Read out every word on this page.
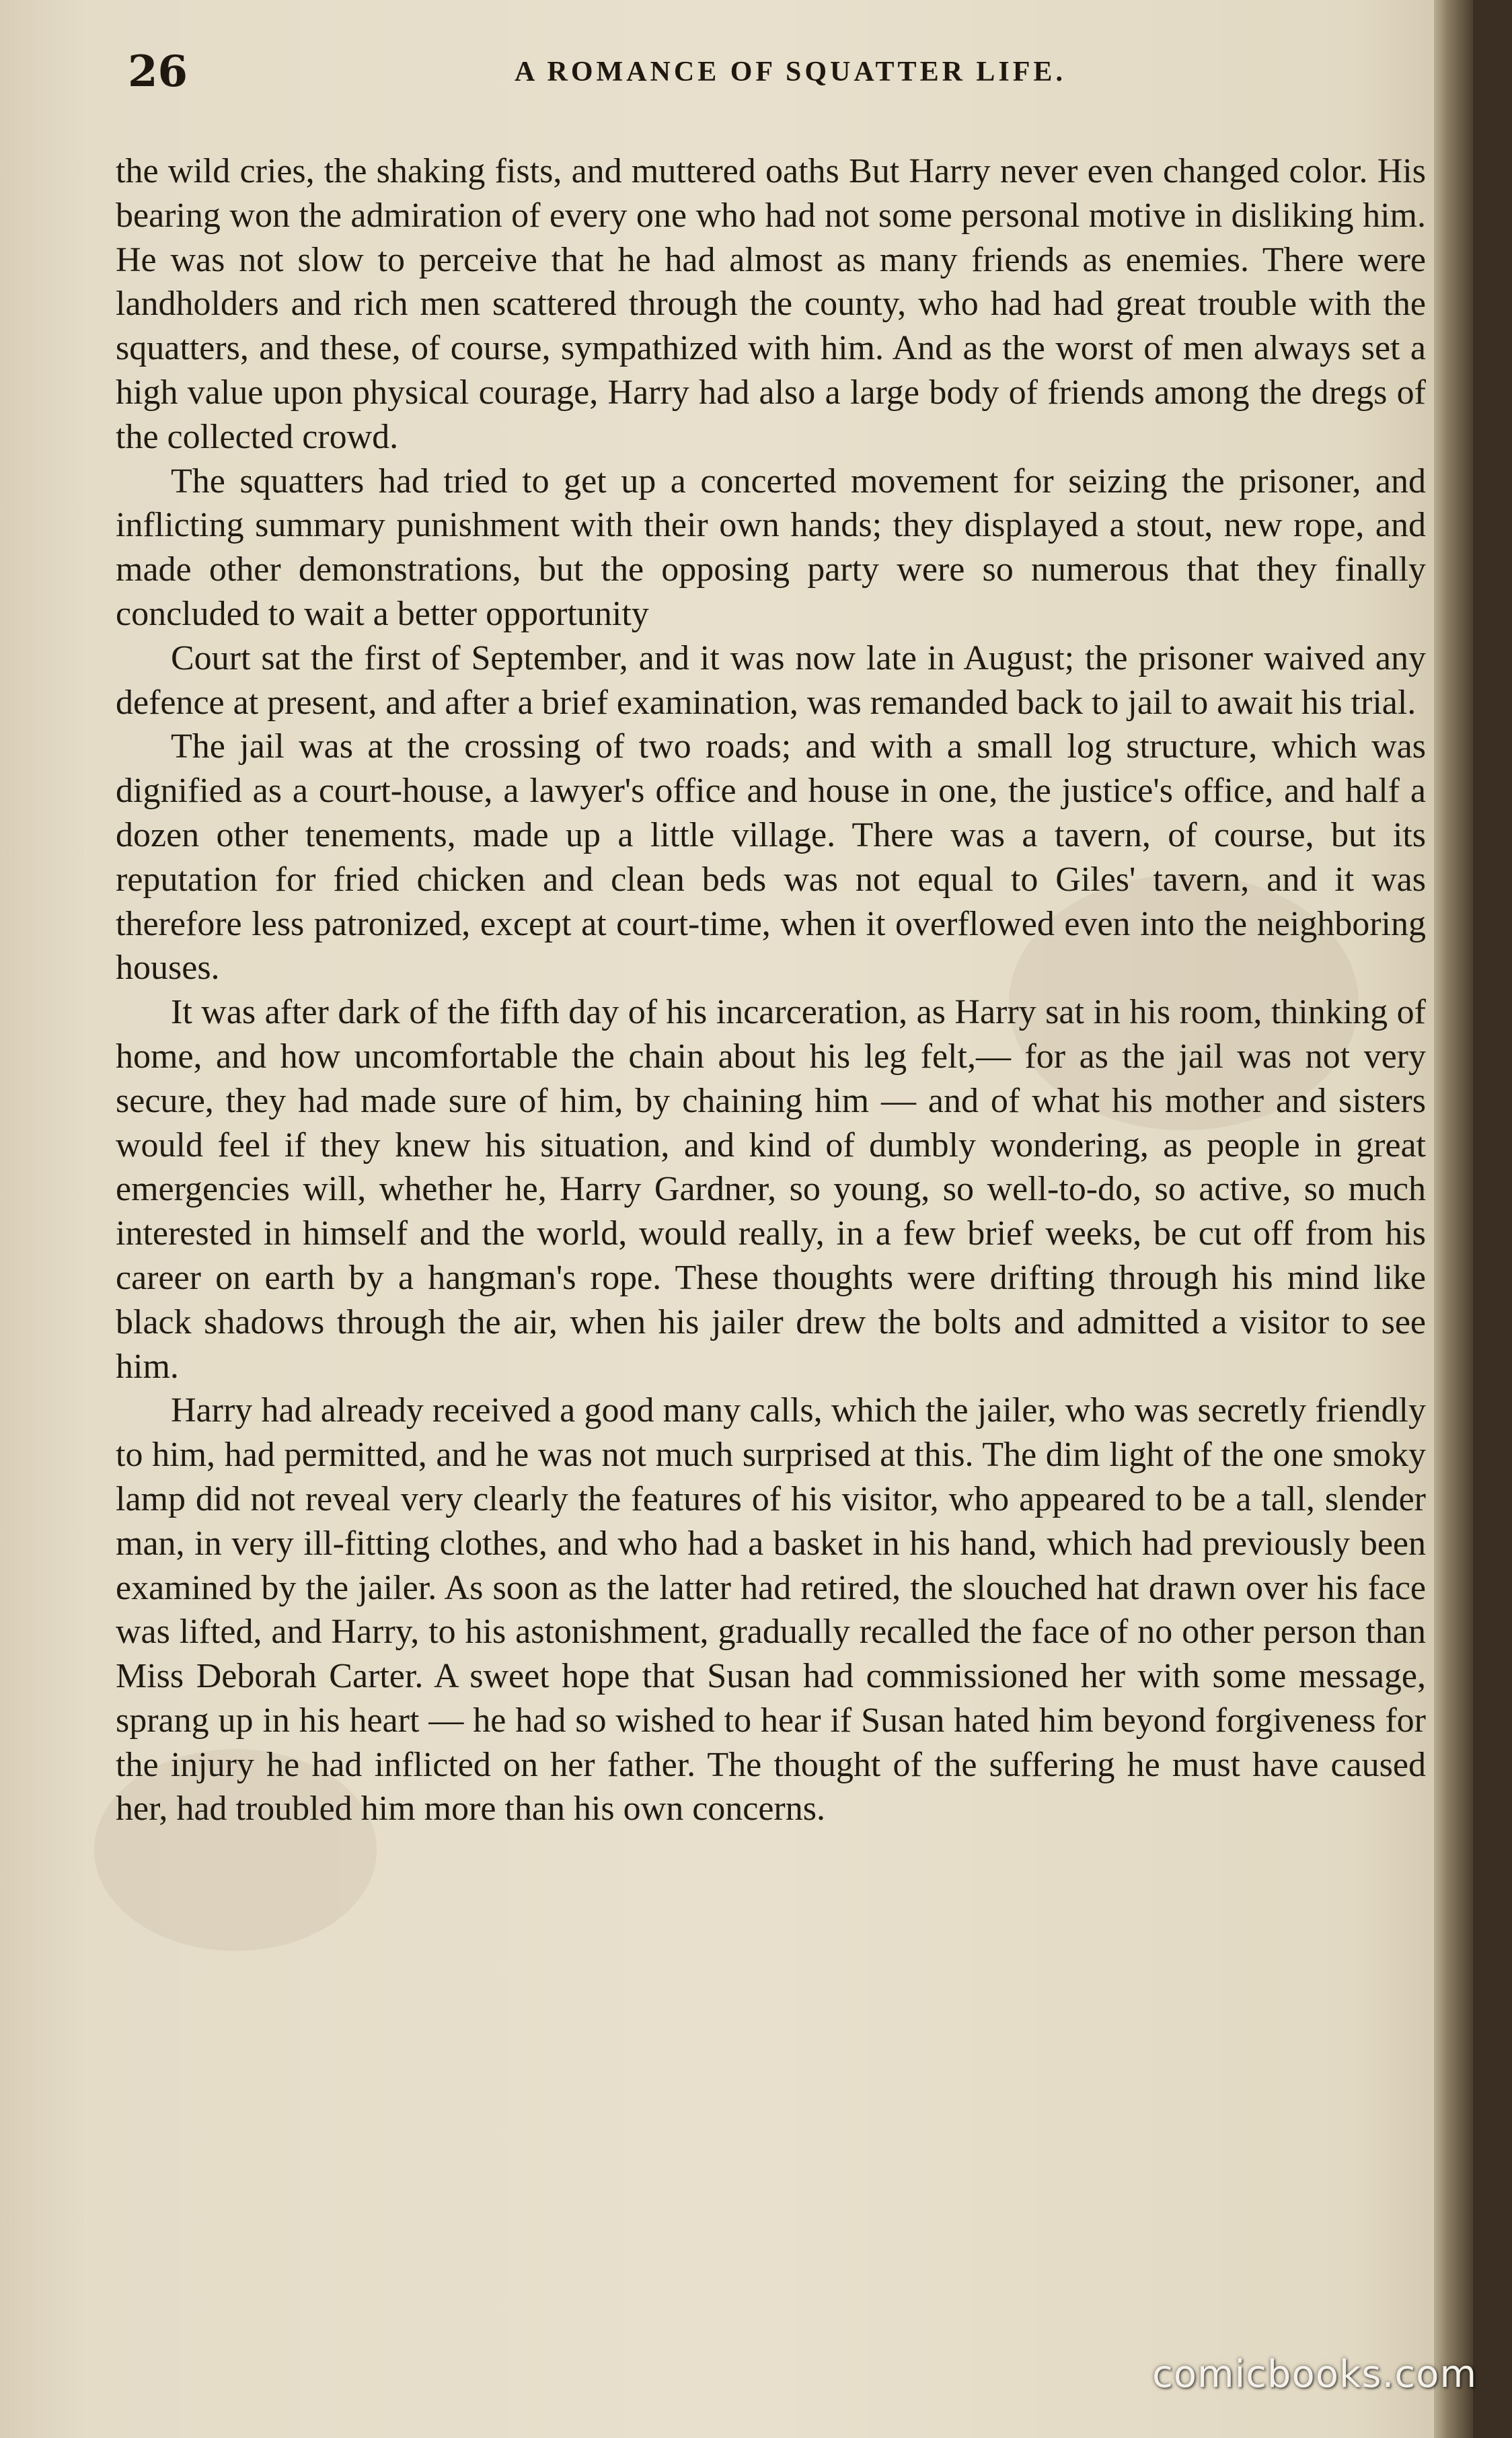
26	A ROMANCE OF SQUATTER LIFE.

the wild cries, the shaking fists, and muttered oaths But Harry never even changed color. His bearing won the admiration of every one who had not some personal motive in disliking him. He was not slow to perceive that he had almost as many friends as enemies. There were landholders and rich men scattered through the county, who had had great trouble with the squatters, and these, of course, sympathized with him. And as the worst of men always set a high value upon physical courage, Harry had also a large body of friends among the dregs of the collected crowd.

The squatters had tried to get up a concerted movement for seizing the prisoner, and inflicting summary punishment with their own hands; they displayed a stout, new rope, and made other demonstrations, but the opposing party were so numerous that they finally concluded to wait a better opportunity

Court sat the first of September, and it was now late in August; the prisoner waived any defence at present, and after a brief examination, was remanded back to jail to await his trial.

The jail was at the crossing of two roads; and with a small log structure, which was dignified as a court-house, a lawyer's office and house in one, the justice's office, and half a dozen other tenements, made up a little village. There was a tavern, of course, but its reputation for fried chicken and clean beds was not equal to Giles' tavern, and it was therefore less patronized, except at court-time, when it overflowed even into the neighboring houses.

It was after dark of the fifth day of his incarceration, as Harry sat in his room, thinking of home, and how uncomfortable the chain about his leg felt,— for as the jail was not very secure, they had made sure of him, by chaining him — and of what his mother and sisters would feel if they knew his situation, and kind of dumbly wondering, as people in great emergencies will, whether he, Harry Gardner, so young, so well-to-do, so active, so much interested in himself and the world, would really, in a few brief weeks, be cut off from his career on earth by a hangman's rope. These thoughts were drifting through his mind like black shadows through the air, when his jailer drew the bolts and admitted a visitor to see him.

Harry had already received a good many calls, which the jailer, who was secretly friendly to him, had permitted, and he was not much surprised at this. The dim light of the one smoky lamp did not reveal very clearly the features of his visitor, who appeared to be a tall, slender man, in very ill-fitting clothes, and who had a basket in his hand, which had previously been examined by the jailer. As soon as the latter had retired, the slouched hat drawn over his face was lifted, and Harry, to his astonishment, gradually recalled the face of no other person than Miss Deborah Carter. A sweet hope that Susan had commissioned her with some message, sprang up in his heart — he had so wished to hear if Susan hated him beyond forgiveness for the injury he had inflicted on her father. The thought of the suffering he must have caused her, had troubled him more than his own concerns.

comicbooks.com
